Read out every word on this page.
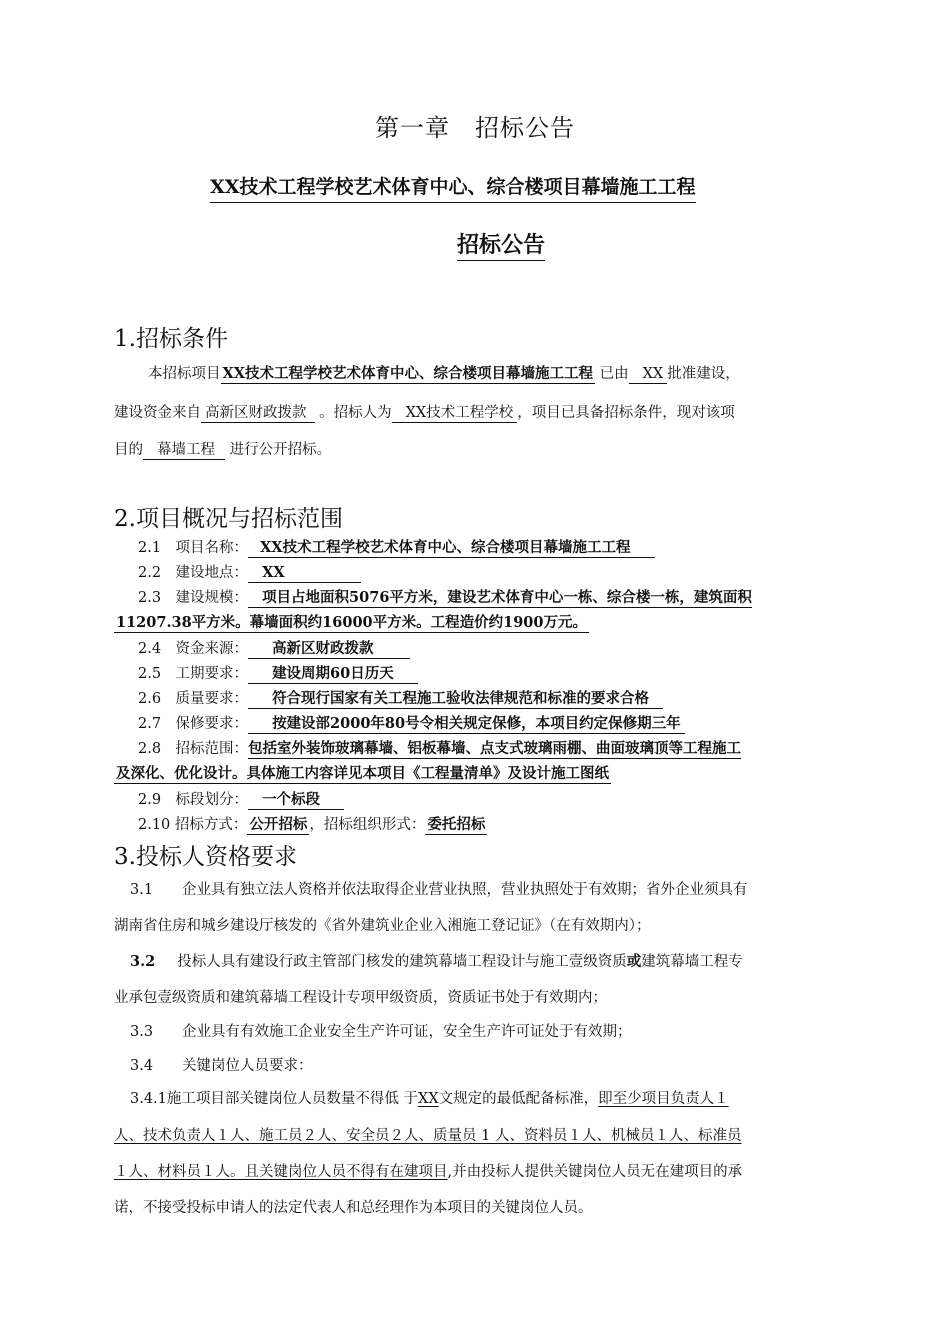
第一章　招标公告
XX技术工程学校艺术体育中心、综合楼项目幕墙施工工程
招标公告
1.招标条件
本招标项目 XX技术工程学校艺术体育中心、综合楼项目幕墙施工工程 已由 XX 批准建设，
建设资金来自 高新区财政拨款 。招标人为 XX技术工程学校 ，项目已具备招标条件，现对该项
目的 幕墙工程 进行公开招标。
2.项目概况与招标范围
2.1　项目名称： XX技术工程学校艺术体育中心、综合楼项目幕墙施工工程
2.2　建设地点： XX
2.3　建设规模： 项目占地面积5076平方米，建设艺术体育中心一栋、综合楼一栋，建筑面积
11207.38平方米。幕墙面积约16000平方米。工程造价约1900万元。
2.4　资金来源： 高新区财政拨款
2.5　工期要求： 建设周期60日历天
2.6　质量要求： 符合现行国家有关工程施工验收法律规范和标准的要求合格
2.7　保修要求： 按建设部2000年80号令相关规定保修，本项目约定保修期三年
2.8　招标范围：包括室外装饰玻璃幕墙、铝板幕墙、点支式玻璃雨棚、曲面玻璃顶等工程施工
及深化、优化设计。具体施工内容详见本项目《工程量清单》及设计施工图纸
2.9　标段划分： 一个标段
2.10 招标方式： 公开招标 ，招标组织形式： 委托招标
3.投标人资格要求
3.1　　企业具有独立法人资格并依法取得企业营业执照，营业执照处于有效期；省外企业须具有
湖南省住房和城乡建设厅核发的《省外建筑业企业入湘施工登记证》（在有效期内）；
3.2 投标人具有建设行政主管部门核发的建筑幕墙工程设计与施工壹级资质或建筑幕墙工程专
业承包壹级资质和建筑幕墙工程设计专项甲级资质，资质证书处于有效期内；
3.3　　企业具有有效施工企业安全生产许可证，安全生产许可证处于有效期；
3.4　　关键岗位人员要求：
3.4.1施工项目部关键岗位人员数量不得低 于XX文规定的最低配备标准，即至少项目负责人１
人、技术负责人１人、施工员２人、安全员２人、质量员 1 人、资料员１人、机械员１人、标准员
１人、材料员１人。且关键岗位人员不得有在建项目,并由投标人提供关键岗位人员无在建项目的承
诺，不接受投标申请人的法定代表人和总经理作为本项目的关键岗位人员。
